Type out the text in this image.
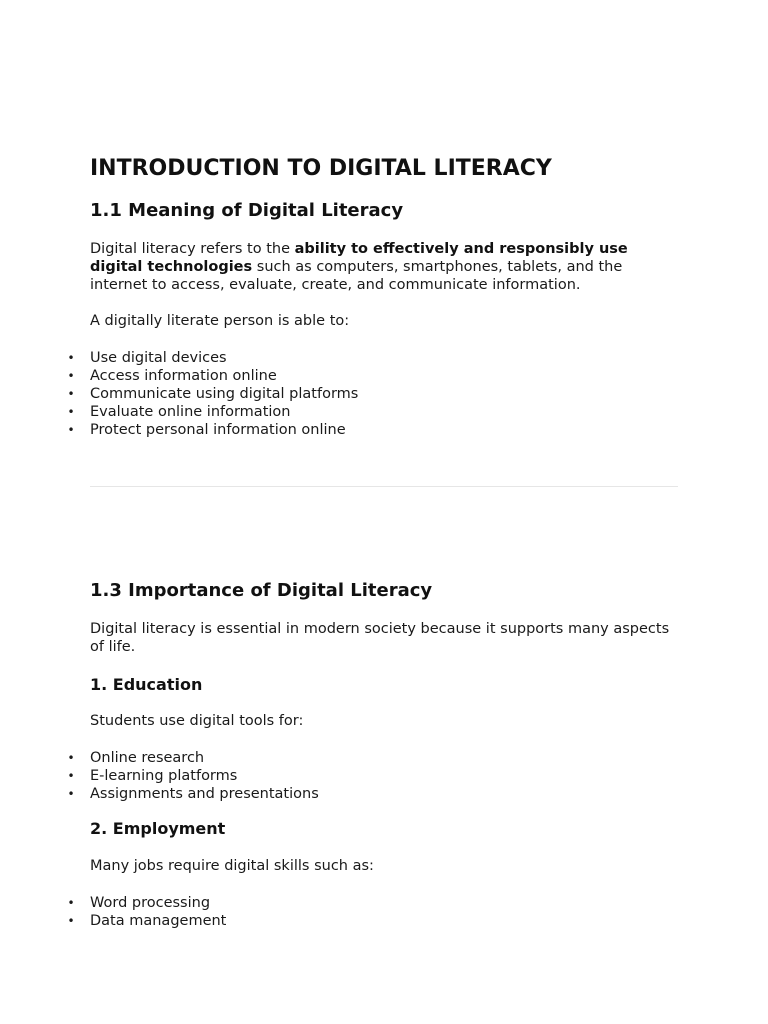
INTRODUCTION TO DIGITAL LITERACY
1.1 Meaning of Digital Literacy

Digital literacy refers to the ability to effectively and responsibly use digital technologies such as computers, smartphones, tablets, and the internet to access, evaluate, create, and communicate information.

A digitally literate person is able to:

• Use digital devices
• Access information online
• Communicate using digital platforms
• Evaluate online information
• Protect personal information online
1.3 Importance of Digital Literacy

Digital literacy is essential in modern society because it supports many aspects of life.

1. Education

Students use digital tools for:

• Online research
• E-learning platforms
• Assignments and presentations
2. Employment

Many jobs require digital skills such as:

• Word processing
• Data management
